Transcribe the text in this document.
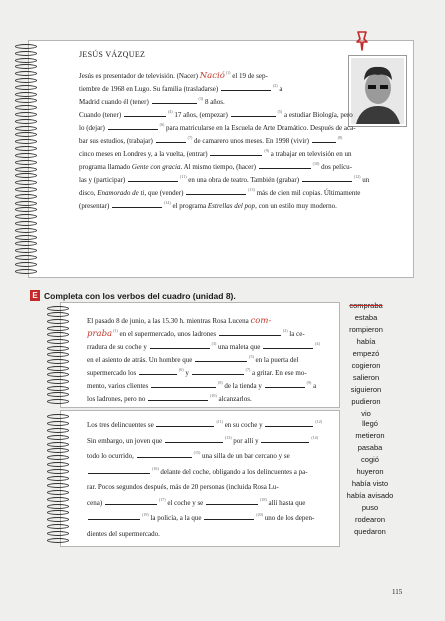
JESÚS VÁZQUEZ

Jesús es presentador de televisión. (Nacer) Nació$^{(1)}$ el 19 de sep-

tiembre de 1968 en Lugo. Su familia (trasladarse)	$^{(2)}$ a

Madrid cuando él (tener)	$^{(3)}$ 8 años.

Cuando (tener)	$^{(4)}$ 17 años, (empezar)	$^{(5)}$ a estudiar Biología, pero

lo (dejar)	$^{(6)}$ para matricularse en la Escuela de Arte Dramático. Después de aca-

bar sus estudios, (trabajar)	$^{(7)}$ de camarero unos meses. En 1998 (vivir)	$^{(8)}$

cinco meses en Londres y, a la vuelta, (entrar)	$^{(9)}$ a trabajar en televisión en un

programa llamado Gente con gracia. Al mismo tiempo, (hacer)	$^{(10)}$ dos pelícu-

las y (participar)	$^{(11)}$ en una obra de teatro. También (grabar)	$^{(12)}$ un

disco, Enamorado de ti, que (vender)	$^{(13)}$ más de cien mil copias. Últimamente

(presentar)	$^{(14)}$ el programa Estrellas del pop, con un estilo muy moderno.

E Completa con los verbos del cuadro (unidad 8).

El pasado 8 de junio, a las 15.30 h. mientras Rosa Lucena com-

praba$^{(1)}$ en el supermercado, unos ladrones	$^{(2)}$ la ce-

rradura de su coche y	$^{(3)}$ una maleta que	$^{(4)}$

en el asiento de atrás. Un hombre que	$^{(5)}$ en la puerta del

supermercado los	$^{(6)}$ y	$^{(7)}$ a gritar. En ese mo-

mento, varios clientes	$^{(8)}$ de la tienda y	$^{(9)}$ a

los ladrones, pero no	$^{(10)}$ alcanzarlos.

compraba
estaba
rompieron
había
empezó
cogieron
salieron
siguieron
pudieron
vio

Los tres delincuentes se	$^{(11)}$ en su coche y	$^{(12)}$

Sin embargo, un joven que	$^{(13)}$ por allí y	$^{(14)}$

todo lo ocurrido,	$^{(15)}$ una silla de un bar cercano y se

$^{(16)}$ delante del coche, obligando a los delincuentes a pa-

rar. Pocos segundos después, más de 20 personas (incluida Rosa Lu-

cena)	$^{(17)}$ el coche y se	$^{(18)}$ allí hasta que

$^{(19)}$ la policía, a la que	$^{(20)}$ uno de los depen-

dientes del supermercado.

llegó
metieron
pasaba
cogió
huyeron
había visto
había avisado
puso
rodearon
quedaron
115
